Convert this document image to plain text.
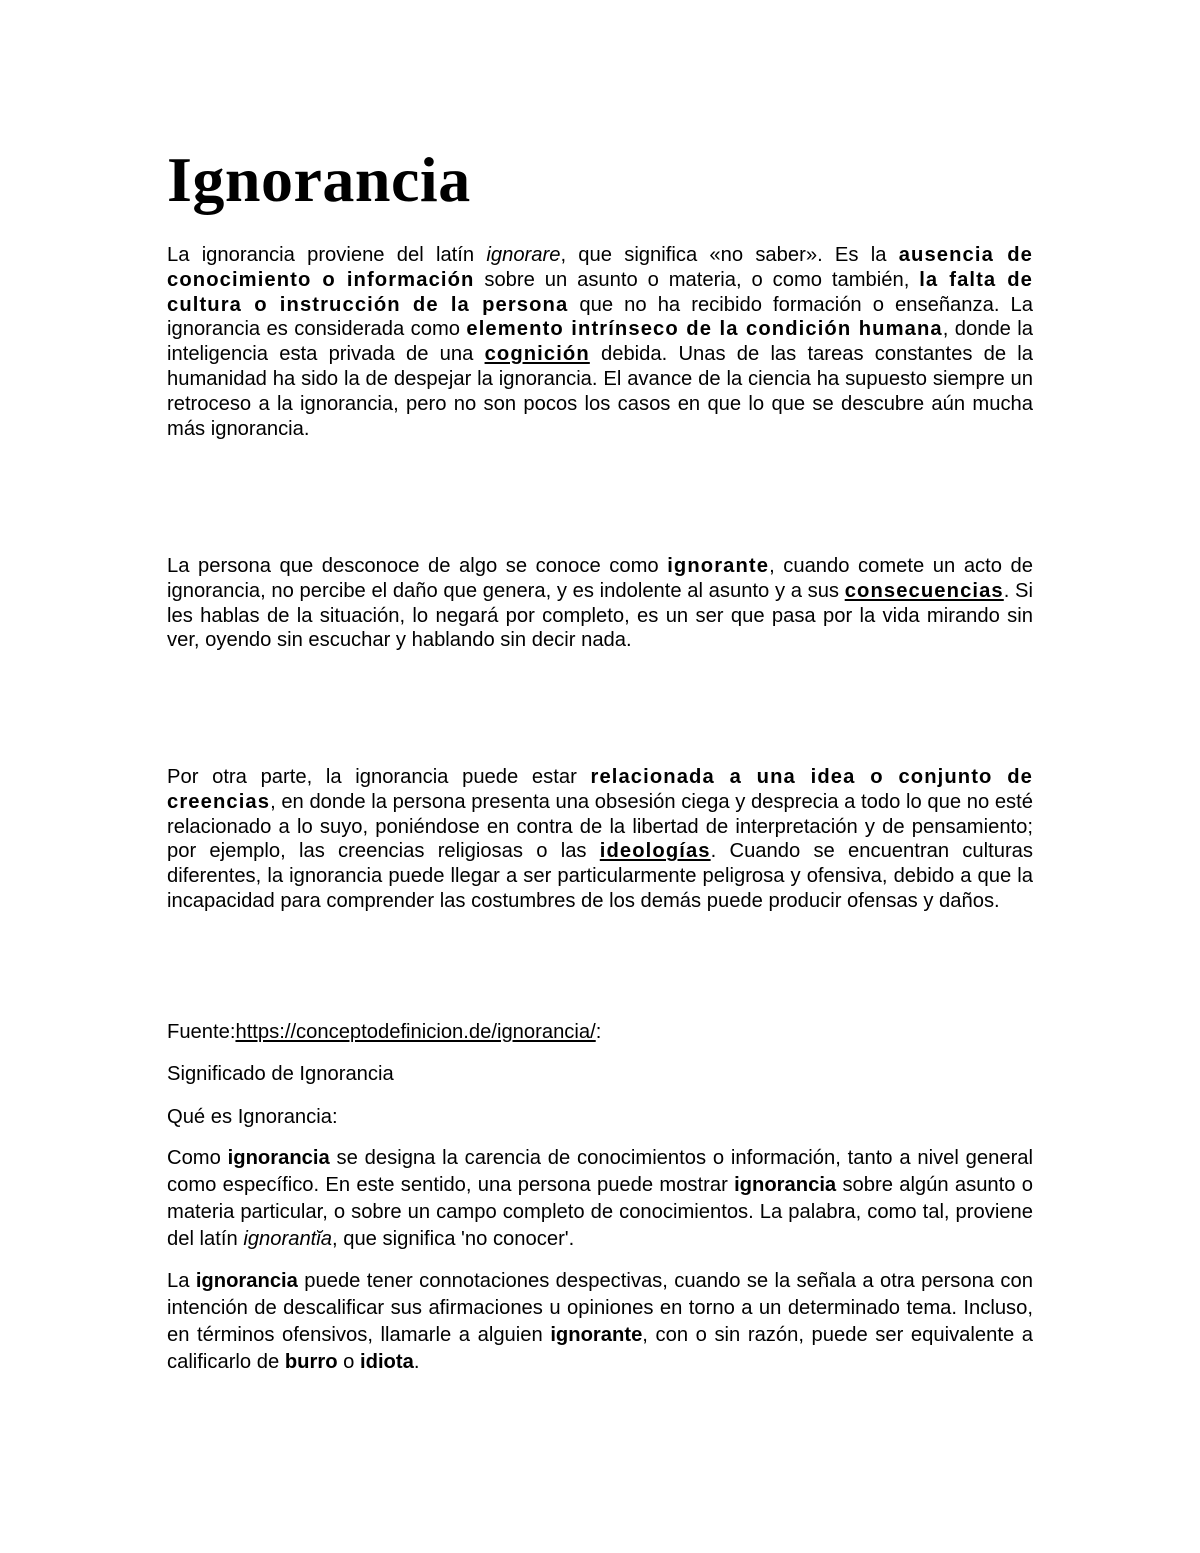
Ignorancia

La ignorancia proviene del latín ignorare, que significa «no saber». Es la ausencia de conocimiento o información sobre un asunto o materia, o como también, la falta de cultura o instrucción de la persona que no ha recibido formación o enseñanza. La ignorancia es considerada como elemento intrínseco de la condición humana, donde la inteligencia esta privada de una cognición debida. Unas de las tareas constantes de la humanidad ha sido la de despejar la ignorancia. El avance de la ciencia ha supuesto siempre un retroceso a la ignorancia, pero no son pocos los casos en que lo que se descubre aún mucha más ignorancia.

La persona que desconoce de algo se conoce como ignorante, cuando comete un acto de ignorancia, no percibe el daño que genera, y es indolente al asunto y a sus consecuencias. Si les hablas de la situación, lo negará por completo, es un ser que pasa por la vida mirando sin ver, oyendo sin escuchar y hablando sin decir nada.

Por otra parte, la ignorancia puede estar relacionada a una idea o conjunto de creencias, en donde la persona presenta una obsesión ciega y desprecia a todo lo que no esté relacionado a lo suyo, poniéndose en contra de la libertad de interpretación y de pensamiento; por ejemplo, las creencias religiosas o las ideologías. Cuando se encuentran culturas diferentes, la ignorancia puede llegar a ser particularmente peligrosa y ofensiva, debido a que la incapacidad para comprender las costumbres de los demás puede producir ofensas y daños.

Fuente:https://conceptodefinicion.de/ignorancia/:

Significado de Ignorancia

Qué es Ignorancia:

Como ignorancia se designa la carencia de conocimientos o información, tanto a nivel general como específico. En este sentido, una persona puede mostrar ignorancia sobre algún asunto o materia particular, o sobre un campo completo de conocimientos. La palabra, como tal, proviene del latín ignorantĭa, que significa 'no conocer'.

La ignorancia puede tener connotaciones despectivas, cuando se la señala a otra persona con intención de descalificar sus afirmaciones u opiniones en torno a un determinado tema. Incluso, en términos ofensivos, llamarle a alguien ignorante, con o sin razón, puede ser equivalente a calificarlo de burro o idiota.
